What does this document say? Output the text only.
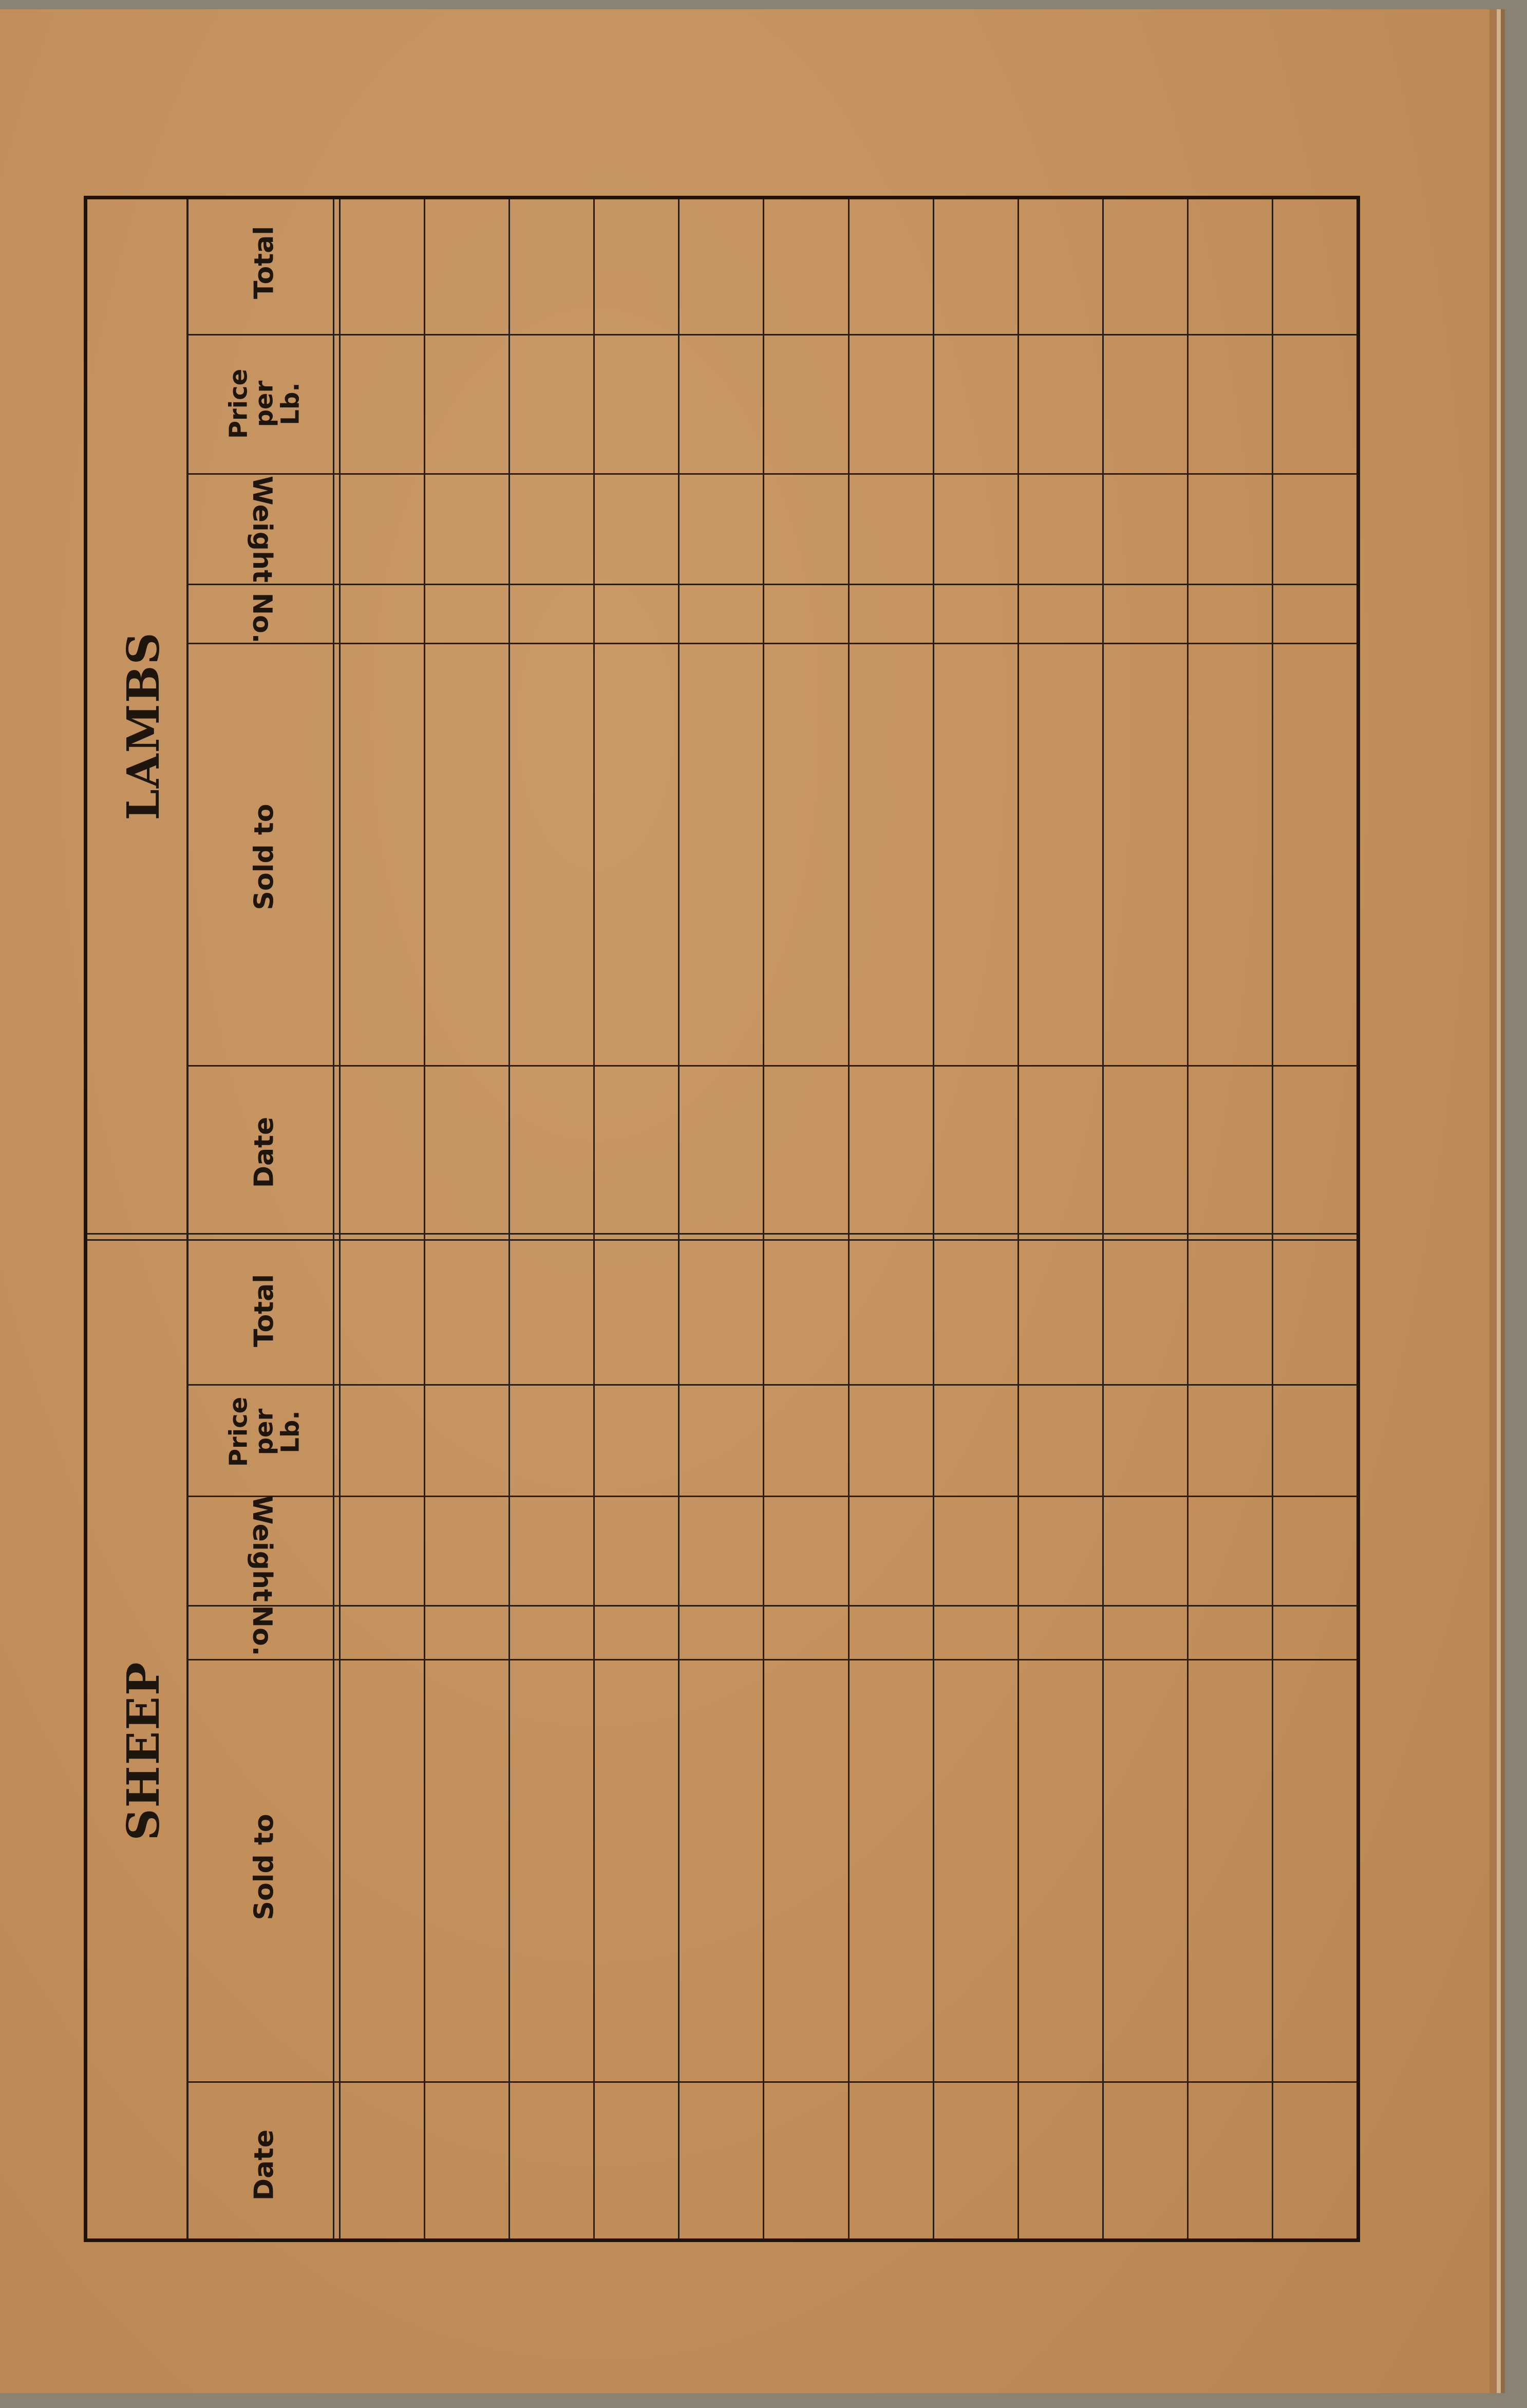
LAMBS
Date
Sold to
No.
Weight
Price
per
Lb.
Total
SHEEP
Date
Sold to
No.
Weight
Price
per
Lb.
Total
